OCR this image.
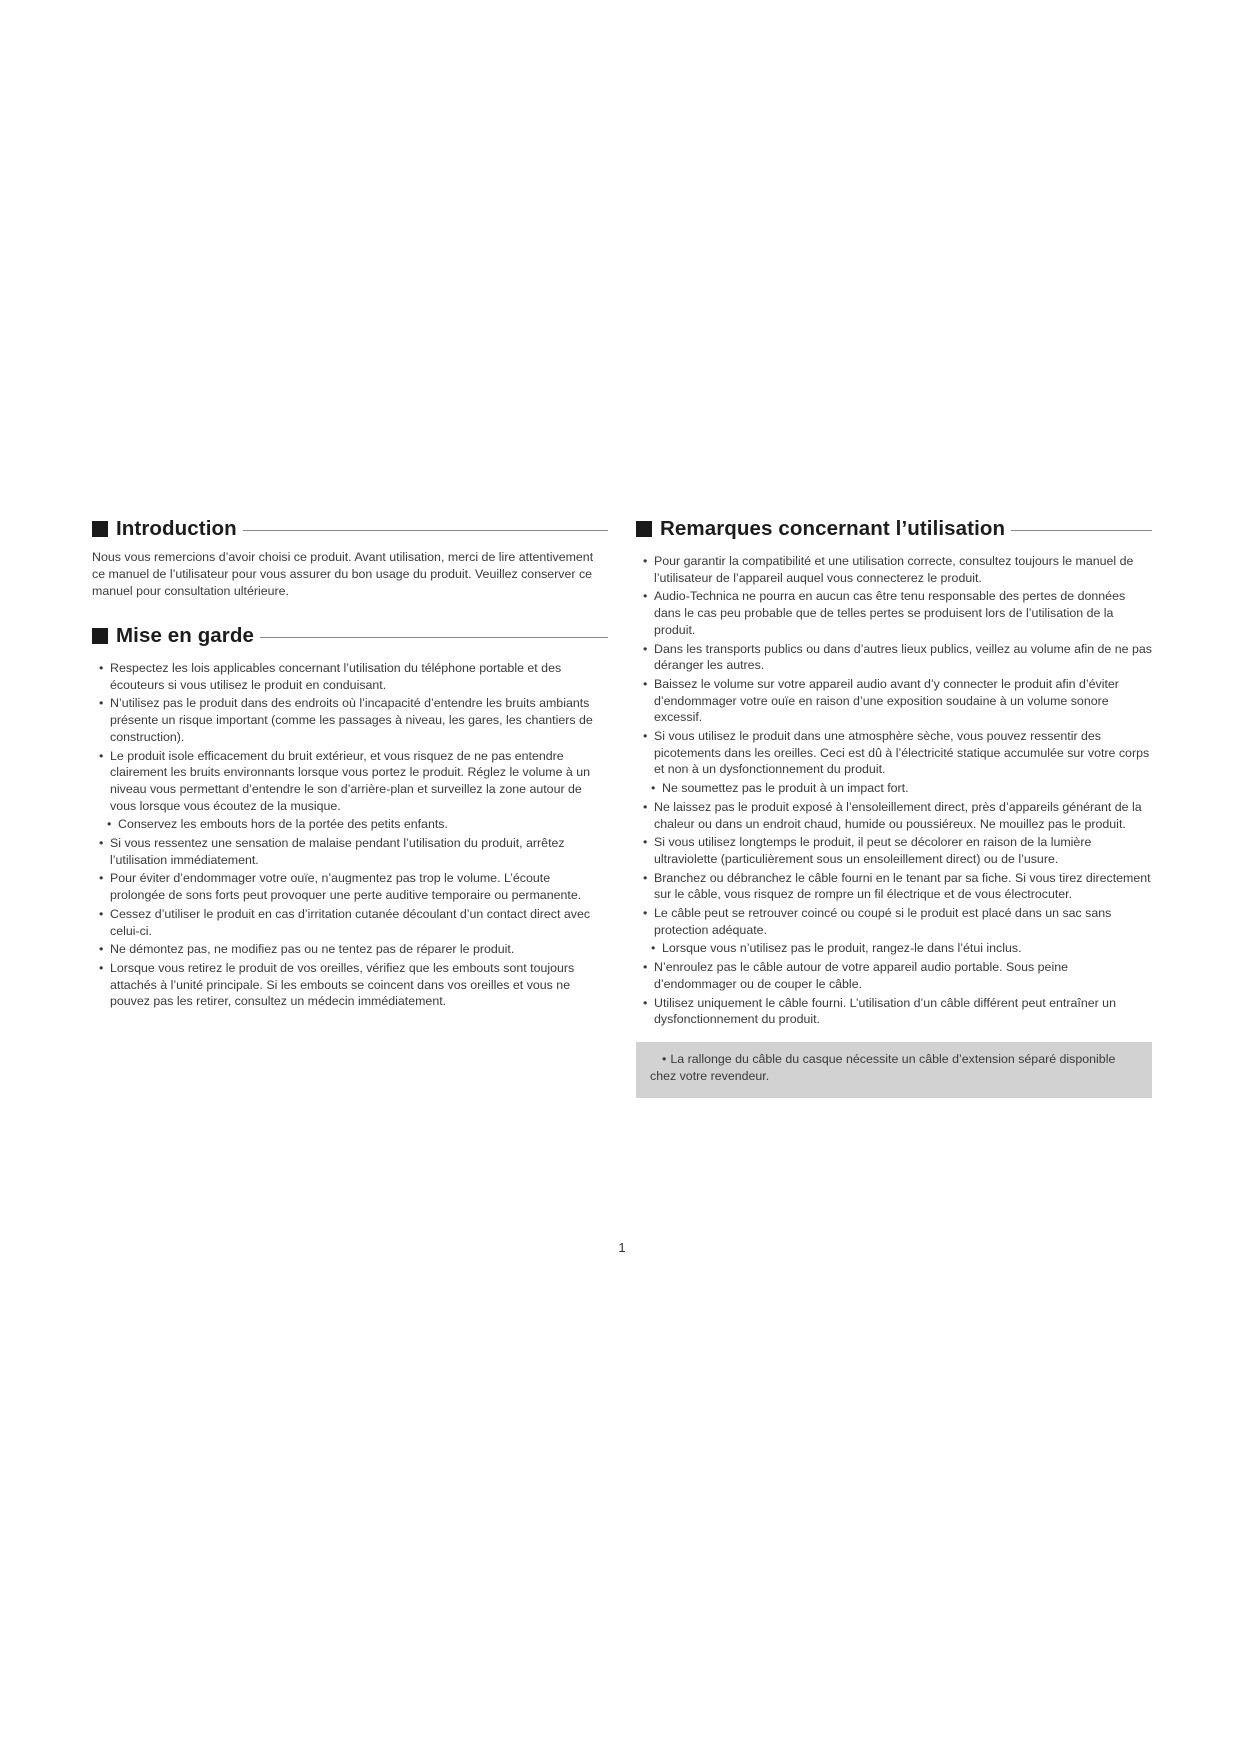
Introduction

Nous vous remercions d’avoir choisi ce produit. Avant utilisation, merci de lire attentivement ce manuel de l’utilisateur pour vous assurer du bon usage du produit. Veuillez conserver ce manuel pour consultation ultérieure.

Mise en garde
• Respectez les lois applicables concernant l’utilisation du téléphone portable et des écouteurs si vous utilisez le produit en conduisant.
• N’utilisez pas le produit dans des endroits où l’incapacité d’entendre les bruits ambiants présente un risque important (comme les passages à niveau, les gares, les chantiers de construction).
• Le produit isole efficacement du bruit extérieur, et vous risquez de ne pas entendre clairement les bruits environnants lorsque vous portez le produit. Réglez le volume à un niveau vous permettant d’entendre le son d’arrière-plan et surveillez la zone autour de vous lorsque vous écoutez de la musique.
• Conservez les embouts hors de la portée des petits enfants.
• Si vous ressentez une sensation de malaise pendant l’utilisation du produit, arrêtez l’utilisation immédiatement.
• Pour éviter d’endommager votre ouïe, n’augmentez pas trop le volume. L’écoute prolongée de sons forts peut provoquer une perte auditive temporaire ou permanente.
• Cessez d’utiliser le produit en cas d’irritation cutanée découlant d’un contact direct avec celui-ci.
• Ne démontez pas, ne modifiez pas ou ne tentez pas de réparer le produit.
• Lorsque vous retirez le produit de vos oreilles, vérifiez que les embouts sont toujours attachés à l’unité principale. Si les embouts se coincent dans vos oreilles et vous ne pouvez pas les retirer, consultez un médecin immédiatement.
Remarques concernant l’utilisation
• Pour garantir la compatibilité et une utilisation correcte, consultez toujours le manuel de l’utilisateur de l’appareil auquel vous connecterez le produit.
• Audio-Technica ne pourra en aucun cas être tenu responsable des pertes de données dans le cas peu probable que de telles pertes se produisent lors de l’utilisation de la produit.
• Dans les transports publics ou dans d’autres lieux publics, veillez au volume afin de ne pas déranger les autres.
• Baissez le volume sur votre appareil audio avant d’y connecter le produit afin d’éviter d’endommager votre ouïe en raison d’une exposition soudaine à un volume sonore excessif.
• Si vous utilisez le produit dans une atmosphère sèche, vous pouvez ressentir des picotements dans les oreilles. Ceci est dû à l’électricité statique accumulée sur votre corps et non à un dysfonctionnement du produit.
• Ne soumettez pas le produit à un impact fort.
• Ne laissez pas le produit exposé à l’ensoleillement direct, près d’appareils générant de la chaleur ou dans un endroit chaud, humide ou poussiéreux. Ne mouillez pas le produit.
• Si vous utilisez longtemps le produit, il peut se décolorer en raison de la lumière ultraviolette (particulièrement sous un ensoleillement direct) ou de l’usure.
• Branchez ou débranchez le câble fourni en le tenant par sa fiche. Si vous tirez directement sur le câble, vous risquez de rompre un fil électrique et de vous électrocuter.
• Le câble peut se retrouver coincé ou coupé si le produit est placé dans un sac sans protection adéquate.
• Lorsque vous n’utilisez pas le produit, rangez-le dans l’étui inclus.
• N’enroulez pas le câble autour de votre appareil audio portable. Sous peine d’endommager ou de couper le câble.
• Utilisez uniquement le câble fourni. L’utilisation d’un câble différent peut entraîner un dysfonctionnement du produit.
• La rallonge du câble du casque nécessite un câble d’extension séparé disponible chez votre revendeur.
1
